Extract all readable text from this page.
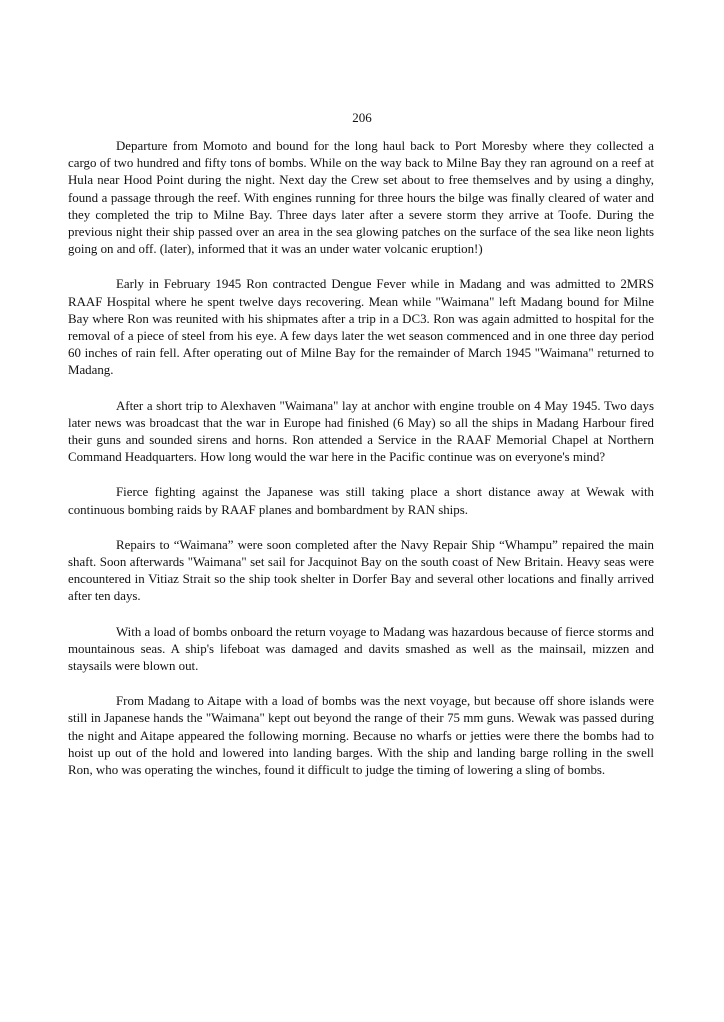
206

Departure from Momoto and bound for the long haul back to Port Moresby where they collected a cargo of two hundred and fifty tons of bombs. While on the way back to Milne Bay they ran aground on a reef at Hula near Hood Point during the night. Next day the Crew set about to free themselves and by using a dinghy, found a passage through the reef. With engines running for three hours the bilge was finally cleared of water and they completed the trip to Milne Bay. Three days later after a severe storm they arrive at Toofe. During the previous night their ship passed over an area in the sea glowing patches on the surface of the sea like neon lights going on and off. (later), informed that it was an under water volcanic eruption!)

Early in February 1945 Ron contracted Dengue Fever while in Madang and was admitted to 2MRS RAAF Hospital where he spent twelve days recovering. Mean while "Waimana" left Madang bound for Milne Bay where Ron was reunited with his shipmates after a trip in a DC3. Ron was again admitted to hospital for the removal of a piece of steel from his eye. A few days later the wet season commenced and in one three day period 60 inches of rain fell. After operating out of Milne Bay for the remainder of March 1945 "Waimana" returned to Madang.

After a short trip to Alexhaven "Waimana" lay at anchor with engine trouble on 4 May 1945. Two days later news was broadcast that the war in Europe had finished (6 May) so all the ships in Madang Harbour fired their guns and sounded sirens and horns. Ron attended a Service in the RAAF Memorial Chapel at Northern Command Headquarters. How long would the war here in the Pacific continue was on everyone's mind?

Fierce fighting against the Japanese was still taking place a short distance away at Wewak with continuous bombing raids by RAAF planes and bombardment by RAN ships.

Repairs to “Waimana” were soon completed after the Navy Repair Ship “Whampu” repaired the main shaft. Soon afterwards "Waimana" set sail for Jacquinot Bay on the south coast of New Britain. Heavy seas were encountered in Vitiaz Strait so the ship took shelter in Dorfer Bay and several other locations and finally arrived after ten days.

With a load of bombs onboard the return voyage to Madang was hazardous because of fierce storms and mountainous seas. A ship's lifeboat was damaged and davits smashed as well as the mainsail, mizzen and staysails were blown out.

From Madang to Aitape with a load of bombs was the next voyage, but because off shore islands were still in Japanese hands the "Waimana" kept out beyond the range of their 75 mm guns. Wewak was passed during the night and Aitape appeared the following morning. Because no wharfs or jetties were there the bombs had to hoist up out of the hold and lowered into landing barges. With the ship and landing barge rolling in the swell Ron, who was operating the winches, found it difficult to judge the timing of lowering a sling of bombs.
